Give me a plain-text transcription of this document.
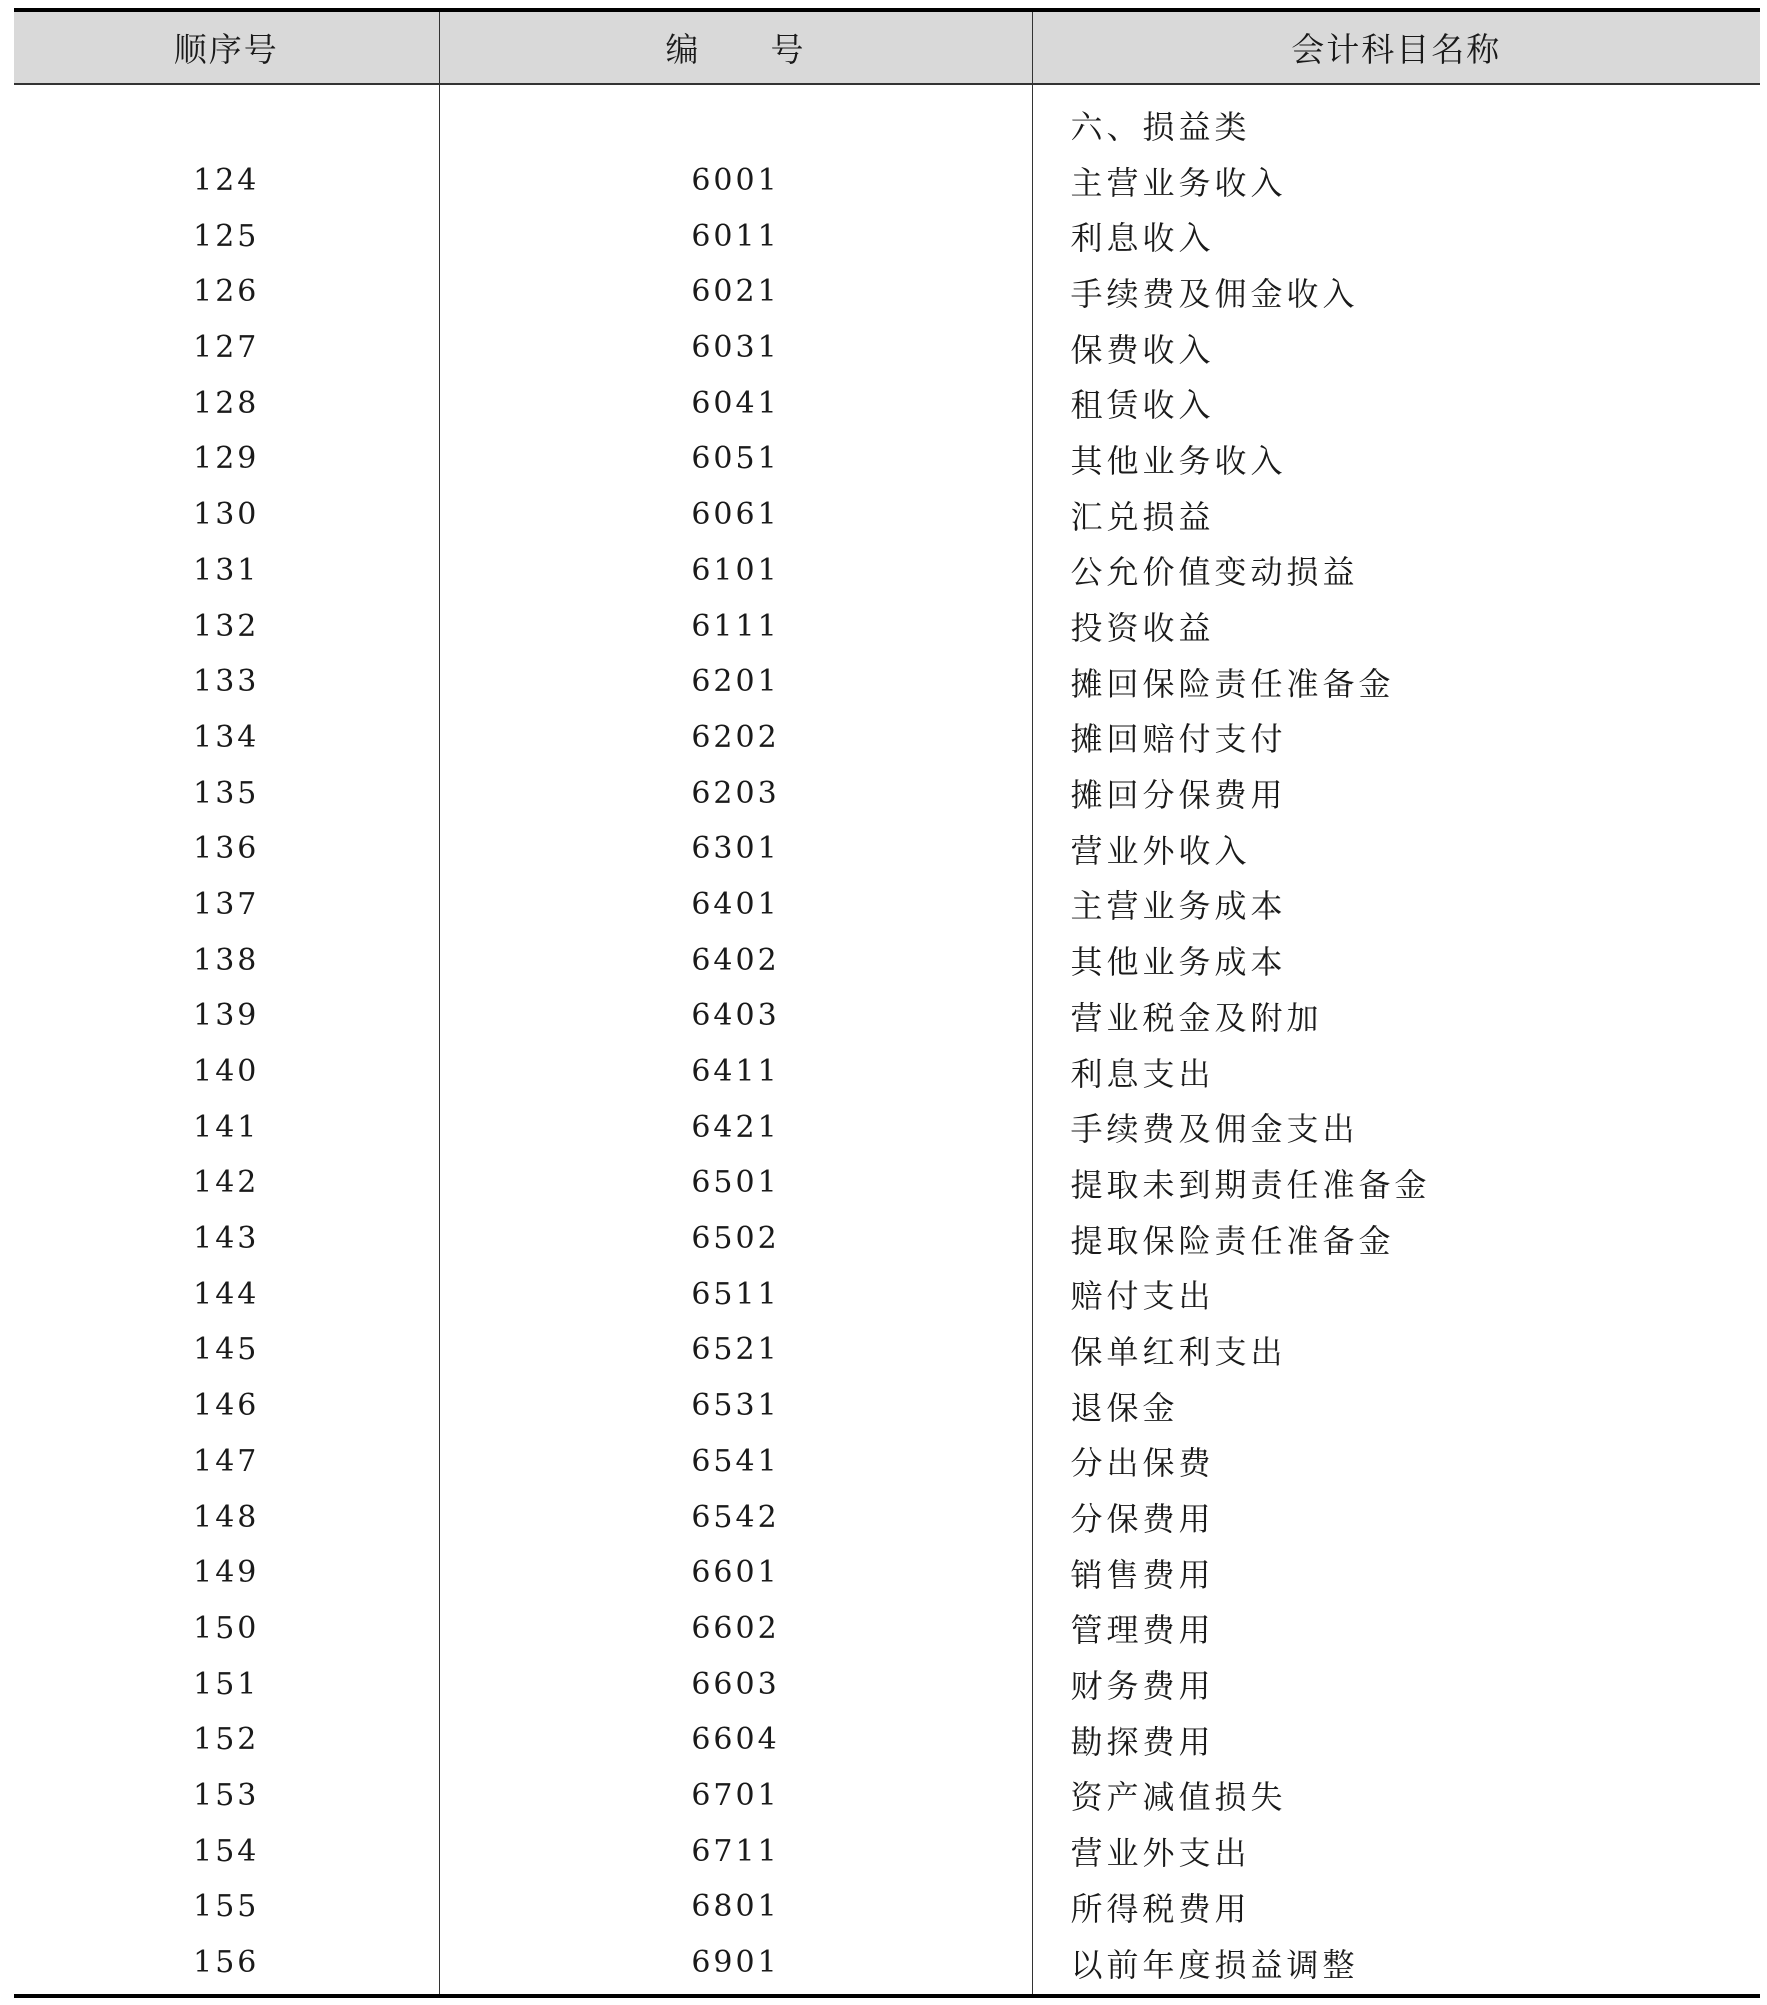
顺序号	编　　号	会计科目名称
		六、损益类
124	6001	主营业务收入
125	6011	利息收入
126	6021	手续费及佣金收入
127	6031	保费收入
128	6041	租赁收入
129	6051	其他业务收入
130	6061	汇兑损益
131	6101	公允价值变动损益
132	6111	投资收益
133	6201	摊回保险责任准备金
134	6202	摊回赔付支付
135	6203	摊回分保费用
136	6301	营业外收入
137	6401	主营业务成本
138	6402	其他业务成本
139	6403	营业税金及附加
140	6411	利息支出
141	6421	手续费及佣金支出
142	6501	提取未到期责任准备金
143	6502	提取保险责任准备金
144	6511	赔付支出
145	6521	保单红利支出
146	6531	退保金
147	6541	分出保费
148	6542	分保费用
149	6601	销售费用
150	6602	管理费用
151	6603	财务费用
152	6604	勘探费用
153	6701	资产减值损失
154	6711	营业外支出
155	6801	所得税费用
156	6901	以前年度损益调整
